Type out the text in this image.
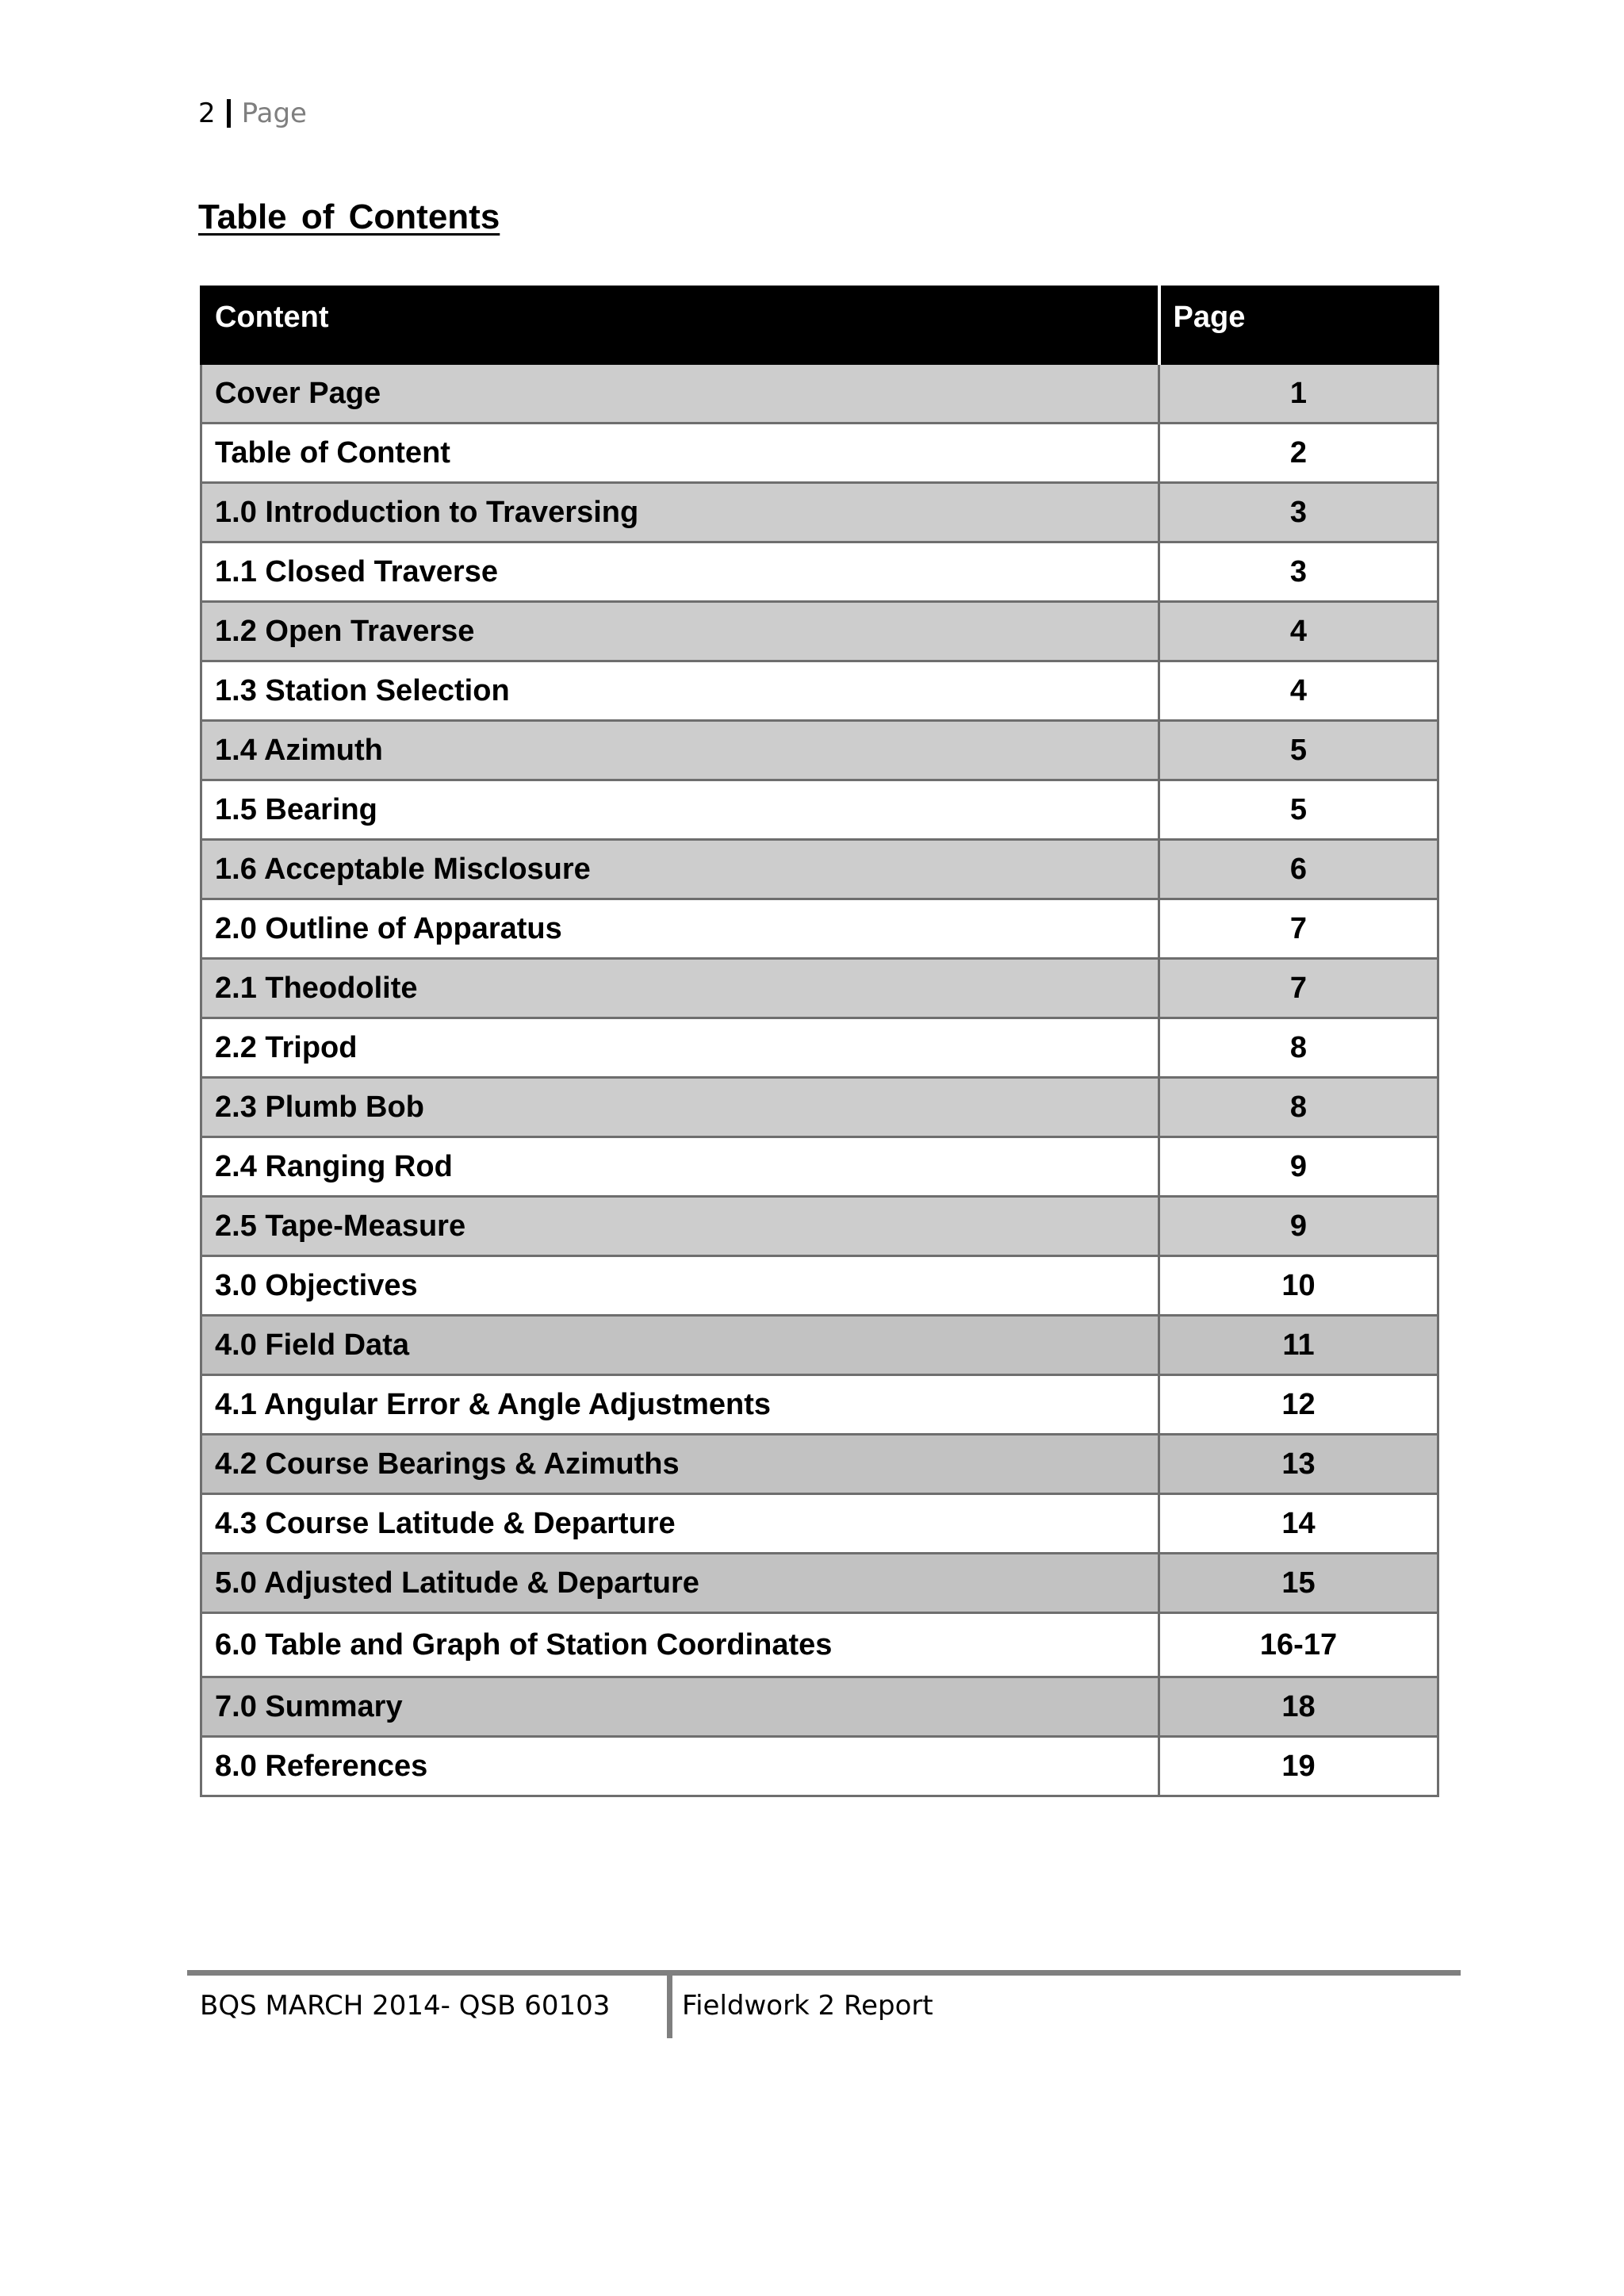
2 Page
Table of Contents
Content	Page
Cover Page	1
Table of Content	2
1.0 Introduction to Traversing	3
1.1 Closed Traverse	3
1.2 Open Traverse	4
1.3 Station Selection	4
1.4 Azimuth	5
1.5 Bearing	5
1.6 Acceptable Misclosure	6
2.0 Outline of Apparatus	7
2.1 Theodolite	7
2.2 Tripod	8
2.3 Plumb Bob	8
2.4 Ranging Rod	9
2.5 Tape-Measure	9
3.0 Objectives	10
4.0 Field Data	11
4.1 Angular Error & Angle Adjustments	12
4.2 Course Bearings & Azimuths	13
4.3 Course Latitude & Departure	14
5.0 Adjusted Latitude & Departure	15
6.0 Table and Graph of Station Coordinates	16-17
7.0 Summary	18
8.0 References	19
BQS MARCH 2014- QSB 60103	Fieldwork 2 Report
